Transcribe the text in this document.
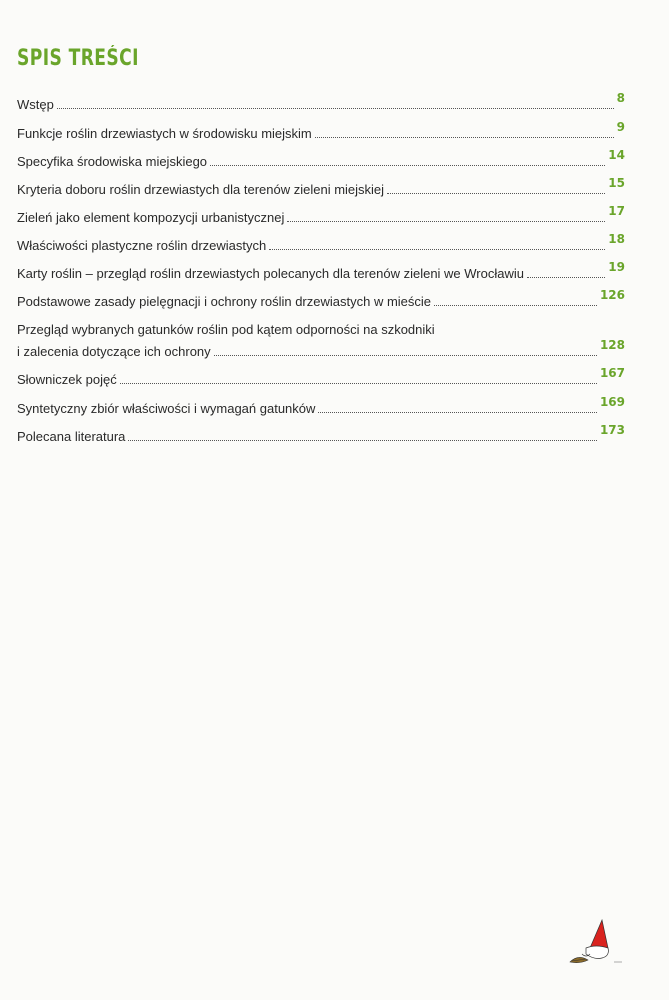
SPIS TREŚCI
Wstęp	8
Funkcje roślin drzewiastych w środowisku miejskim	9
Specyfika środowiska miejskiego	14
Kryteria doboru roślin drzewiastych dla terenów zieleni miejskiej	15
Zieleń jako element kompozycji urbanistycznej	17
Właściwości plastyczne roślin drzewiastych	18
Karty roślin – przegląd roślin drzewiastych polecanych dla terenów zieleni we Wrocławiu	19
Podstawowe zasady pielęgnacji i ochrony roślin drzewiastych w mieście	126
Przegląd wybranych gatunków roślin pod kątem odporności na szkodniki
i zalecenia dotyczące ich ochrony	128
Słowniczek pojęć	167
Syntetyczny zbiór właściwości i wymagań gatunków	169
Polecana literatura	173
